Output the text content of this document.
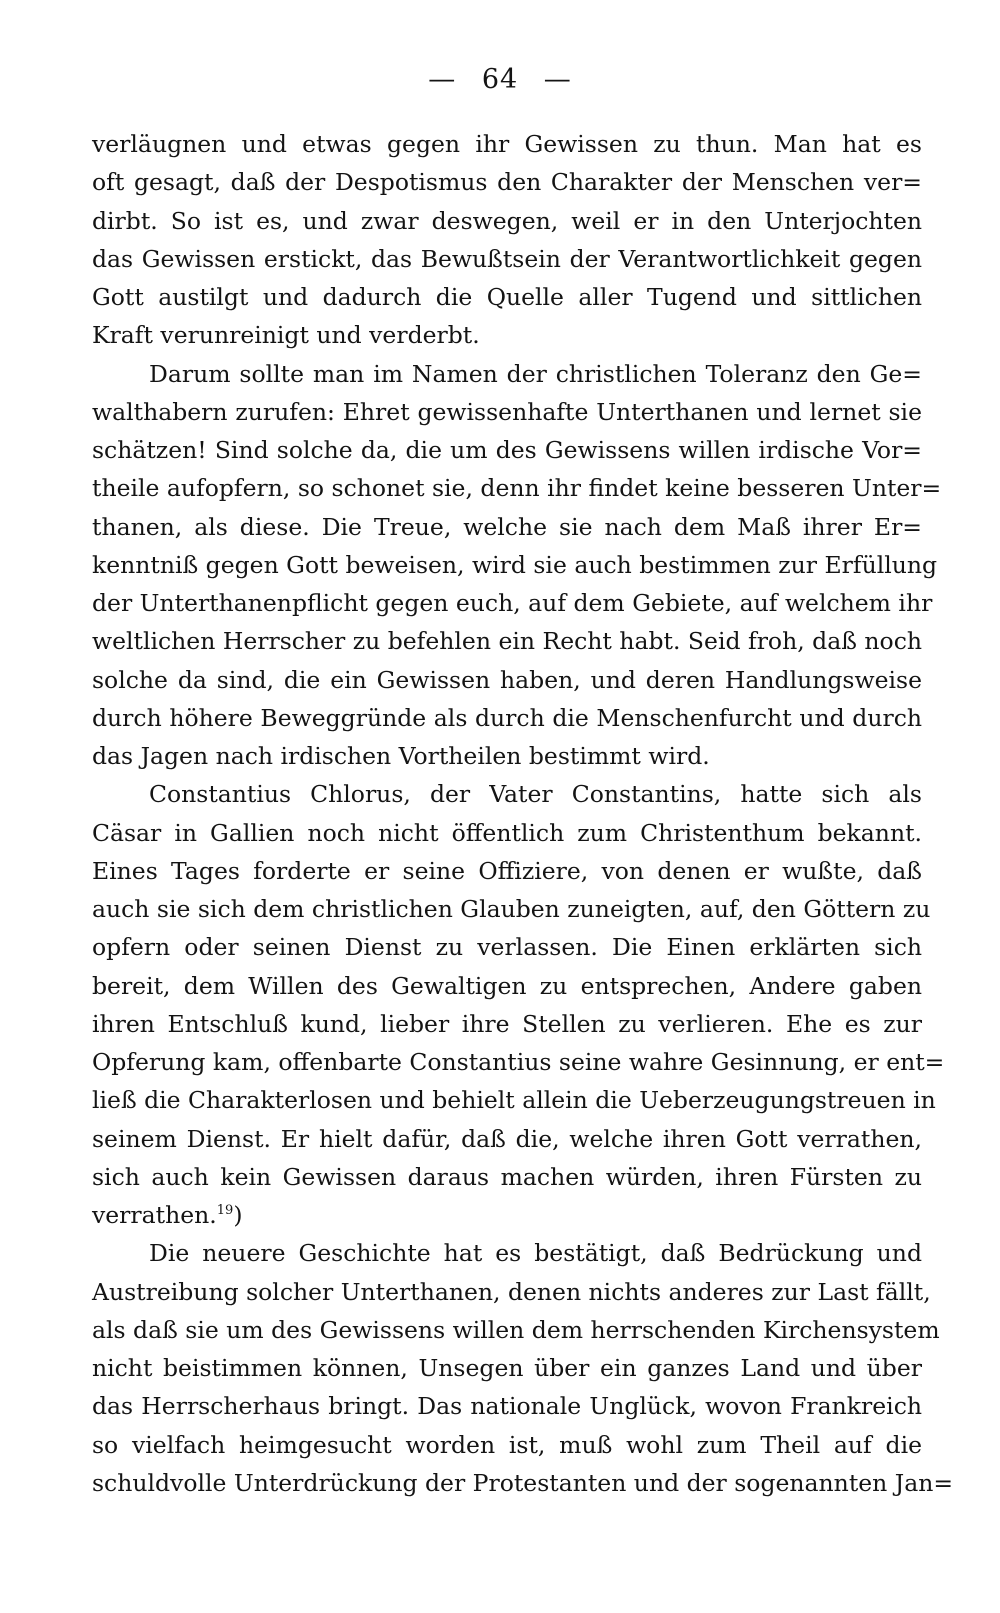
— 64 —
verläugnen und etwas gegen ihr Gewissen zu thun. Man hat es
oft gesagt, daß der Despotismus den Charakter der Menschen ver=
dirbt. So ist es, und zwar deswegen, weil er in den Unterjochten
das Gewissen erstickt, das Bewußtsein der Verantwortlichkeit gegen
Gott austilgt und dadurch die Quelle aller Tugend und sittlichen
Kraft verunreinigt und verderbt.
Darum sollte man im Namen der christlichen Toleranz den Ge=
walthabern zurufen: Ehret gewissenhafte Unterthanen und lernet sie
schätzen! Sind solche da, die um des Gewissens willen irdische Vor=
theile aufopfern, so schonet sie, denn ihr findet keine besseren Unter=
thanen, als diese. Die Treue, welche sie nach dem Maß ihrer Er=
kenntniß gegen Gott beweisen, wird sie auch bestimmen zur Erfüllung
der Unterthanenpflicht gegen euch, auf dem Gebiete, auf welchem ihr
weltlichen Herrscher zu befehlen ein Recht habt. Seid froh, daß noch
solche da sind, die ein Gewissen haben, und deren Handlungsweise
durch höhere Beweggründe als durch die Menschenfurcht und durch
das Jagen nach irdischen Vortheilen bestimmt wird.
Constantius Chlorus, der Vater Constantins, hatte sich als
Cäsar in Gallien noch nicht öffentlich zum Christenthum bekannt.
Eines Tages forderte er seine Offiziere, von denen er wußte, daß
auch sie sich dem christlichen Glauben zuneigten, auf, den Göttern zu
opfern oder seinen Dienst zu verlassen. Die Einen erklärten sich
bereit, dem Willen des Gewaltigen zu entsprechen, Andere gaben
ihren Entschluß kund, lieber ihre Stellen zu verlieren. Ehe es zur
Opferung kam, offenbarte Constantius seine wahre Gesinnung, er ent=
ließ die Charakterlosen und behielt allein die Ueberzeugungstreuen in
seinem Dienst. Er hielt dafür, daß die, welche ihren Gott verrathen,
sich auch kein Gewissen daraus machen würden, ihren Fürsten zu
verrathen.$^{19}$)
Die neuere Geschichte hat es bestätigt, daß Bedrückung und
Austreibung solcher Unterthanen, denen nichts anderes zur Last fällt,
als daß sie um des Gewissens willen dem herrschenden Kirchensystem
nicht beistimmen können, Unsegen über ein ganzes Land und über
das Herrscherhaus bringt. Das nationale Unglück, wovon Frankreich
so vielfach heimgesucht worden ist, muß wohl zum Theil auf die
schuldvolle Unterdrückung der Protestanten und der sogenannten Jan=
